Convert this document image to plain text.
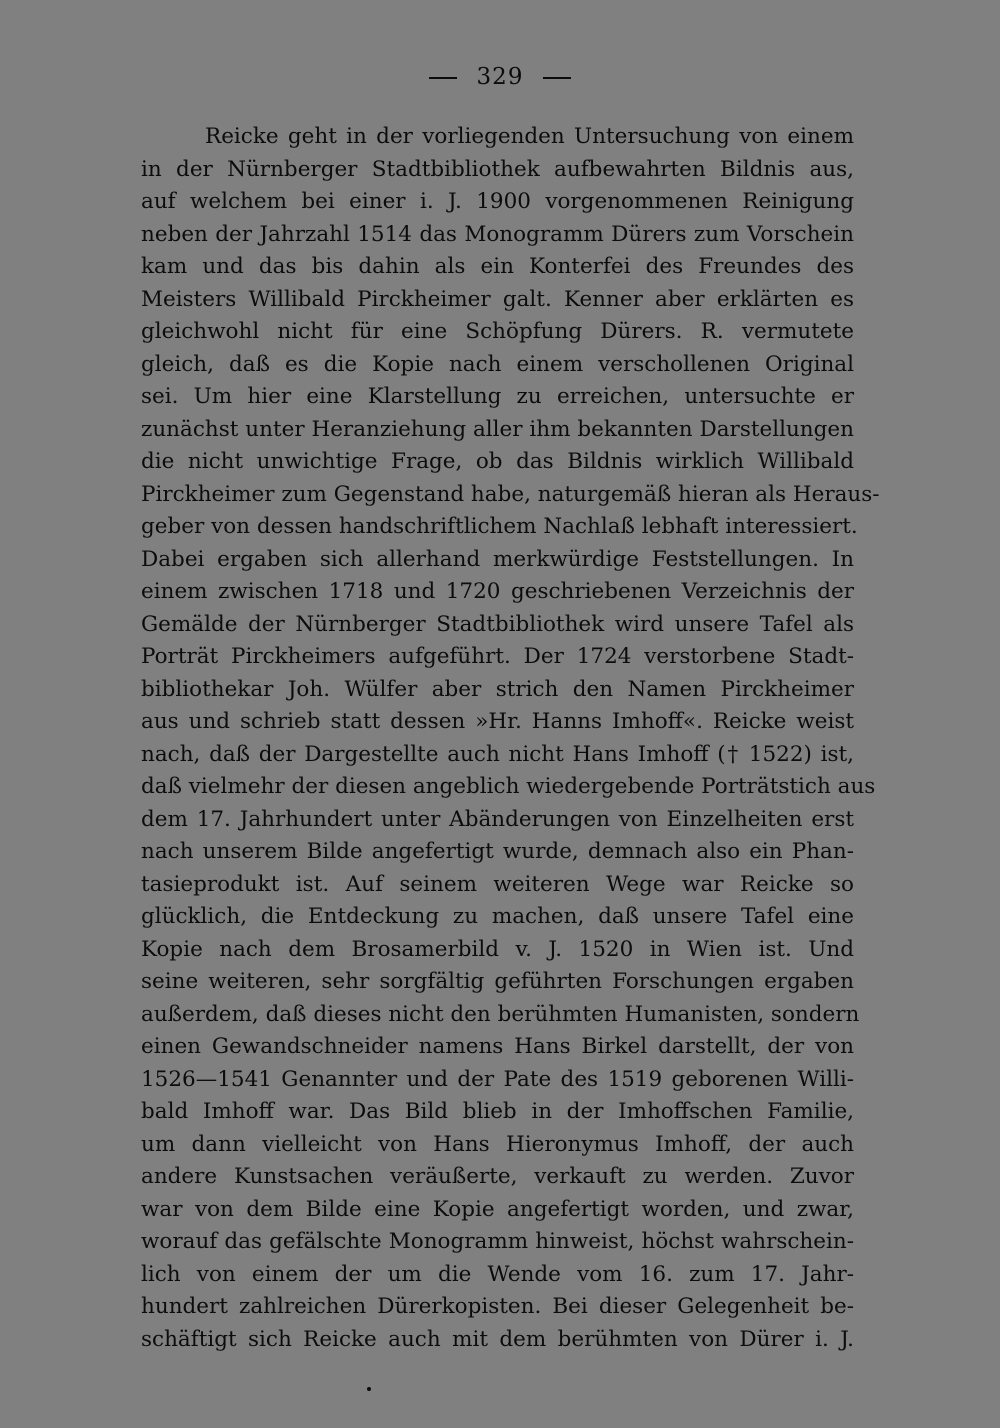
329

Reicke geht in der vorliegenden Untersuchung von einem
in der Nürnberger Stadtbibliothek aufbewahrten Bildnis aus,
auf welchem bei einer i. J. 1900 vorgenommenen Reinigung
neben der Jahrzahl 1514 das Monogramm Dürers zum Vorschein
kam und das bis dahin als ein Konterfei des Freundes des
Meisters Willibald Pirckheimer galt. Kenner aber erklärten es
gleichwohl nicht für eine Schöpfung Dürers. R. vermutete
gleich, daß es die Kopie nach einem verschollenen Original
sei. Um hier eine Klarstellung zu erreichen, untersuchte er
zunächst unter Heranziehung aller ihm bekannten Darstellungen
die nicht unwichtige Frage, ob das Bildnis wirklich Willibald
Pirckheimer zum Gegenstand habe, naturgemäß hieran als Heraus-
geber von dessen handschriftlichem Nachlaß lebhaft interessiert.
Dabei ergaben sich allerhand merkwürdige Feststellungen. In
einem zwischen 1718 und 1720 geschriebenen Verzeichnis der
Gemälde der Nürnberger Stadtbibliothek wird unsere Tafel als
Porträt Pirckheimers aufgeführt. Der 1724 verstorbene Stadt-
bibliothekar Joh. Wülfer aber strich den Namen Pirckheimer
aus und schrieb statt dessen »Hr. Hanns Imhoff«. Reicke weist
nach, daß der Dargestellte auch nicht Hans Imhoff († 1522) ist,
daß vielmehr der diesen angeblich wiedergebende Porträtstich aus
dem 17. Jahrhundert unter Abänderungen von Einzelheiten erst
nach unserem Bilde angefertigt wurde, demnach also ein Phan-
tasieprodukt ist. Auf seinem weiteren Wege war Reicke so
glücklich, die Entdeckung zu machen, daß unsere Tafel eine
Kopie nach dem Brosamerbild v. J. 1520 in Wien ist. Und
seine weiteren, sehr sorgfältig geführten Forschungen ergaben
außerdem, daß dieses nicht den berühmten Humanisten, sondern
einen Gewandschneider namens Hans Birkel darstellt, der von
1526—1541 Genannter und der Pate des 1519 geborenen Willi-
bald Imhoff war. Das Bild blieb in der Imhoffschen Familie,
um dann vielleicht von Hans Hieronymus Imhoff, der auch
andere Kunstsachen veräußerte, verkauft zu werden. Zuvor
war von dem Bilde eine Kopie angefertigt worden, und zwar,
worauf das gefälschte Monogramm hinweist, höchst wahrschein-
lich von einem der um die Wende vom 16. zum 17. Jahr-
hundert zahlreichen Dürerkopisten. Bei dieser Gelegenheit be-
schäftigt sich Reicke auch mit dem berühmten von Dürer i. J.
